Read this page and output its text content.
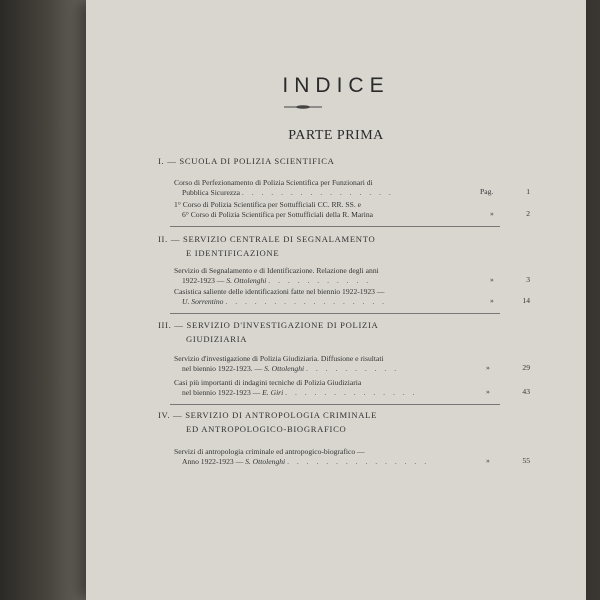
INDICE
PARTE PRIMA
I. — SCUOLA DI POLIZIA SCIENTIFICA
Corso di Perfezionamento di Polizia Scientifica per Funzionari di
Pubblica Sicurezza . . . . . . . . . . . . . . . .	Pag.	1
1° Corso di Polizia Scientifica per Sottufficiali CC. RR. SS. e
6° Corso di Polizia Scientifica per Sottufficiali della R. Marina	»	2
II. — SERVIZIO CENTRALE DI SEGNALAMENTO
E IDENTIFICAZIONE
Servizio di Segnalamento e di Identificazione. Relazione degli anni
1922-1923 — S. Ottolenghi . . . . . . . . . . .	»	3
Casistica saliente delle identificazioni fatte nel biennio 1922-1923 —
U. Sorrentino . . . . . . . . . . . . . . . . .	»	14
III. — SERVIZIO D'INVESTIGAZIONE DI POLIZIA
GIUDIZIARIA
Servizio d'investigazione di Polizia Giudiziaria. Diffusione e risultati
nel biennio 1922-1923. — S. Ottolenghi . . . . . . . . . .	»	29
Casi più importanti di indagini tecniche di Polizia Giudiziaria
nel biennio 1922-1923 — E. Giri . . . . . . . . . . . . . .	»	43
IV. — SERVIZIO DI ANTROPOLOGIA CRIMINALE
ED ANTROPOLOGICO-BIOGRAFICO
Servizi di antropologia criminale ed antropogico-biografico —
Anno 1922-1923 — S. Ottolenghi . . . . . . . . . . . . . . .	»	55
